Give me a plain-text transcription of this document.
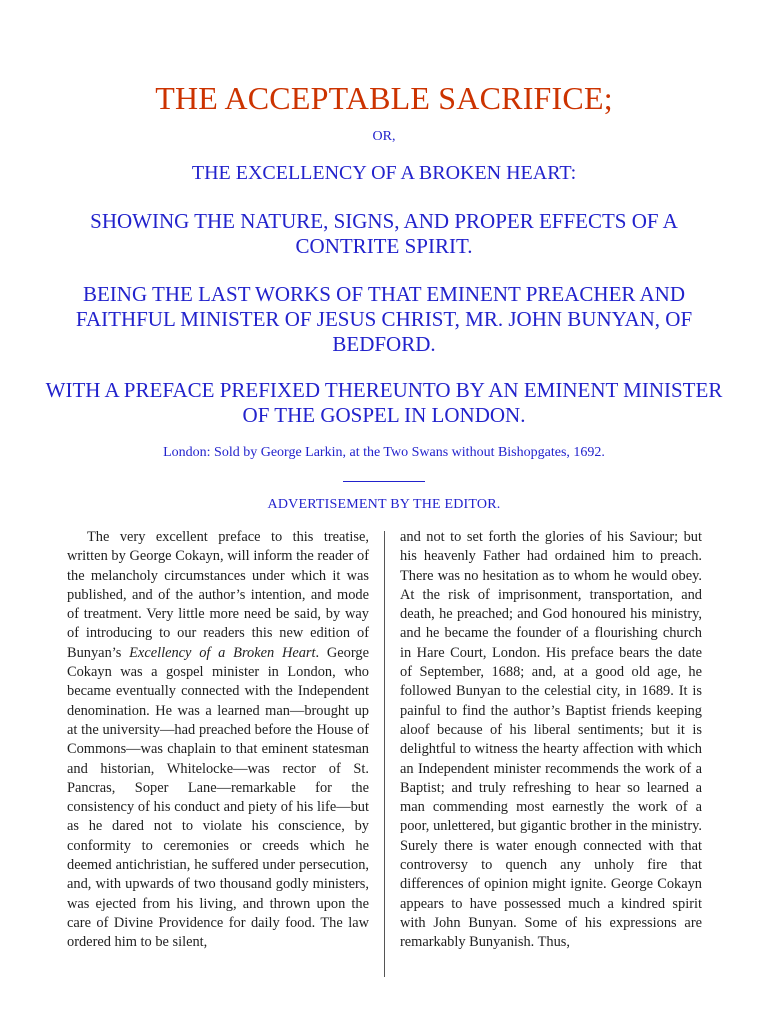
THE ACCEPTABLE SACRIFICE;
OR,
THE EXCELLENCY OF A BROKEN HEART:
SHOWING THE NATURE, SIGNS, AND PROPER EFFECTS OF A CONTRITE SPIRIT.
BEING THE LAST WORKS OF THAT EMINENT PREACHER AND FAITHFUL MINISTER OF JESUS CHRIST, MR. JOHN BUNYAN, OF BEDFORD.
WITH A PREFACE PREFIXED THEREUNTO BY AN EMINENT MINISTER OF THE GOSPEL IN LONDON.
London: Sold by George Larkin, at the Two Swans without Bishopgates, 1692.
ADVERTISEMENT BY THE EDITOR.
The very excellent preface to this treatise, written by George Cokayn, will inform the reader of the melancholy circumstances under which it was published, and of the author’s intention, and mode of treatment. Very little more need be said, by way of introducing to our readers this new edition of Bunyan’s Excellency of a Broken Heart. George Cokayn was a gospel minister in London, who became eventually connected with the Independent denomination. He was a learned man—brought up at the university—had preached before the House of Commons—was chaplain to that eminent statesman and historian, Whitelocke—was rector of St. Pancras, Soper Lane—remarkable for the consistency of his conduct and piety of his life—but as he dared not to violate his conscience, by conformity to ceremonies or creeds which he deemed antichristian, he suffered under persecution, and, with upwards of two thousand godly ministers, was ejected from his living, and thrown upon the care of Divine Providence for daily food. The law ordered him to be silent,
and not to set forth the glories of his Saviour; but his heavenly Father had ordained him to preach. There was no hesitation as to whom he would obey. At the risk of imprisonment, transportation, and death, he preached; and God honoured his ministry, and he became the founder of a flourishing church in Hare Court, London. His preface bears the date of September, 1688; and, at a good old age, he followed Bunyan to the celestial city, in 1689. It is painful to find the author’s Baptist friends keeping aloof because of his liberal sentiments; but it is delightful to witness the hearty affection with which an Independent minister recommends the work of a Baptist; and truly refreshing to hear so learned a man commending most earnestly the work of a poor, unlettered, but gigantic brother in the ministry. Surely there is water enough connected with that controversy to quench any unholy fire that differences of opinion might ignite. George Cokayn appears to have possessed much a kindred spirit with John Bunyan. Some of his expressions are remarkably Bunyanish. Thus,
